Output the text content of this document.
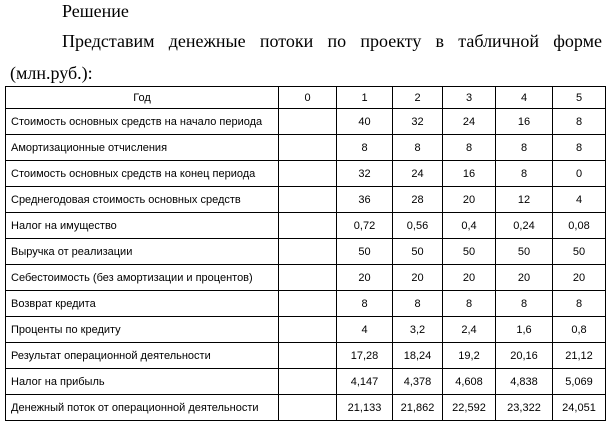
Решение
Представим денежные потоки по проекту в табличной форме
(млн.руб.):
Год	0	1	2	3	4	5
Стоимость основных средств на начало периода		40	32	24	16	8
Амортизационные отчисления		8	8	8	8	8
Стоимость основных средств на конец периода		32	24	16	8	0
Среднегодовая стоимость основных средств		36	28	20	12	4
Налог на имущество		0,72	0,56	0,4	0,24	0,08
Выручка от реализации		50	50	50	50	50
Себестоимость (без амортизации и процентов)		20	20	20	20	20
Возврат кредита		8	8	8	8	8
Проценты по кредиту		4	3,2	2,4	1,6	0,8
Результат операционной деятельности		17,28	18,24	19,2	20,16	21,12
Налог на прибыль		4,147	4,378	4,608	4,838	5,069
Денежный поток от операционной деятельности		21,133	21,862	22,592	23,322	24,051
